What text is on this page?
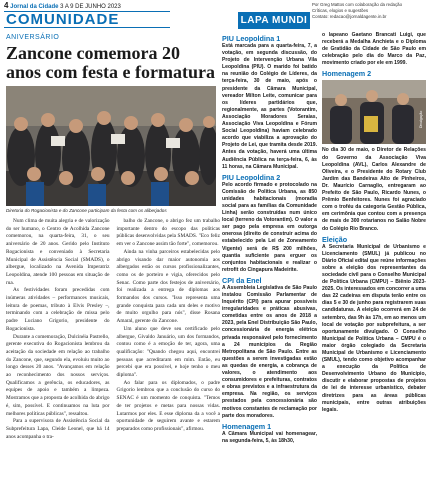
4 Jornal da Cidade 3 A 9 DE JUNHO 2023
COMUNIDADE	LAPA MUNDI
Por Greg Mattos com colaboração da redação
Críticas, elogios e sugestões
Contato: redacao@jornaldagente.in.br
ANIVERSÁRIO
Zancone comemora 20 anos com festa e formatura
Diretoria do Rogacionista e do Zancone participam da festa com os aliberjados

Num clima de muita alegria e de valorização do ser humano, o Centro de Acolhida Zancone comemorou, na quarta-feira, 31, o seu aniversário de 20 anos. Gerido pelo Instituto Rogacionista e conveniado à Secretaria Municipal de Assistência Social (SMADS), o albergue, localizado na Avenida Imperatriz Leopoldina, atende 100 pessoas em situação de rua.

As festividades foram precedidas com inúmeras atividades – performances musicais, leitura de poemas, tributo à Elvis Presley –, terminando com a celebração de missa pelo padre Luciano Grigorio, presidente do Rogacionista.

Durante a comemoração, Dulcinéia Pastrello, gerente executiva do Rogacionista lembrou da aceitação da sociedade em relação ao trabalho do Zancone, que, segundo ela, evoluiu muito ao longo desses 20 anos. "Avançamos em relação ao reconhecimento dos nossos serviços. Qualificamos a gerência, os educadores, as equipes de apoio e também a limpeza. Mostramos que a proposta de acolhida do abrigo é, sim, possível. E continuamos na luta por melhores políticas públicas", ressaltou.

Para a supervisora de Assistência Social da Subprefeitura Lapa, Cleide Leonel, que há 14 anos acompanha o tra-

balho do Zancone, o abrigo fez um trabalho importante dentro do escopo das políticas públicas desenvolvidas pela SMADS. "Eco feliz em ver o Zancone assim tão forte", comemorou.

Ainda na vinha parceiros estabelecidas pelo abrigo visando dar maior autonomia aos albergados estão os cursos profissionalizantes, como os de porteiro e vigia, oferecidos pelo Senac. Como parte dos festejos de aniversário, foi realizada a entrega de diplomas aos formandos dos cursos. "Isso representa uma grande conquista para cada um deles e motivo de muito orgulho para nós", disse Rosana Amaral, gerente do Zancone.

Um aluno que deve seu certificado pelo albergue, Givaldo Januário, um dos formandos, contou como é a emoção de ter, agora, uma qualificação: "Quando chegou aqui, encontrei pessoas que acreditaram em mim. Então, eu percebi que era possível, e hoje tenho o meu diploma".

Ao falar para os diplomados, o padre Grigorio lembrou que a conclusão do curso do SENAC é um momento de conquista. "Temos de ter projetos e metas para nossas vidas. Lutarmos por eles. E esse diploma da a você a oportunidade de seguirem avante e estarem preparados como profissionais", afirmou.

PIU Leopoldina 1

Está marcada para a quarta-feira, 7, a votação, em segunda discussão, do Projeto de Intervenção Urbana Vila Leopoldina (PIU). O marido foi batido na reunião do Colégio de Líderes, da terça-feira, 30 de maio, após o presidente da Câmara Municipal, vereador Milton Leite, comunicar para os líderes partidários que, regionalmente, as partes (Votorantim, Associação Moradores Seraias, Associação Viva Leopoldina e Fórum Social Leopoldina) haviam celebrado acordo que viabiliza a aprovação do Projeto de Lei, que tramita desde 2019. Antes da votação, haverá uma última Audiência Pública na terça-feira, 6, às 11 horas, na Câmara Municipal.

PIU Leopoldina 2

Pelo acordo firmado e protocolado na Comissão de Política Urbana, as 850 unidades habitacionais (moradia social para as famílias da Comunidade Linha) serão construídas num único local (terreno da Votorantim). O valor a ser pago pela empresa em outorga onerosa (direito de construir acima do estabelecido pela Lei de Zoneamento Vigente) será de R$ 200 milhões, quantia suficiente para erguer os conjuntos habitacionais e realizar o retrofit do Cingapura Madeirite.

CPI da Enel

A Assembleia Legislativa de São Paulo instalou Comissão Parlamentar de Inquérito (CPI) para apurar possíveis irregularidades e práticas abusivas, cometidas entre os anos de 2018 a 2023, pela Enel Distribuição São Paulo, concessionária de energia elétrica privada responsável pelo fornecimento a 24 municípios da Região Metropolitana de São Paulo. Entre as questões a serem investigadas estão as quedas de energia, a cobrança de valores, o atendimento aos consumidores e prefeituras, contratos e obras previstos e a infraestrutura da empresa. Na região, os serviços prestados pela concessionária são motivos constantes de reclamação por parte dos moradores.

Homenagem 1

A Câmara Municipal vai homenagear, na segunda-feira, 5, às 18h30,

o lapeano Gaetano Brancati Luigi, que receberá a Medalha Anchieta e o Diploma de Gratidão da Cidade de São Paulo em celebração pelo dia do Marco da Paz, movimento criado por ele em 1999.

Homenagem 2
Divulgação

No dia 30 de maio, o Diretor de Relações do Governo da Associação Viva Leopoldina (AVL), Carlos Alexandre de Oliveira, e o Presidente do Rotary Club Jardim das Bandeiras Alto de Pinheiros, Dr. Maurício Carnaglio, entregaram ao Prefeito de São Paulo, Ricardo Nunes, o Prêmio Benfeitores. Nunes foi agraciado com o troféu da categoria Gestão Pública, em cerimônia que contou com a presença de mais de 300 rotarianos no Salão Nobre do Colégio Rio Branco.

Eleição

A Secretaria Municipal de Urbanismo e Licenciamento (SMUL) já publicou no Diário Oficial edital que reúne informações sobre a eleição dos representantes da sociedade civil para o Conselho Municipal de Política Urbana (CMPU) – Biênio 2023-2025. Os interessados em concorrer a uma das 22 cadeiras em disputa terão entre os dias 5 e 30 de junho para registrarem suas candidaturas. A eleição ocorrerá em 24 de setembro, das 9h às 17h, em ao menos um local de votação por subprefeitura, a ser oportunamente divulgado. O Conselho Municipal de Política Urbana – CMPU é o maior órgão colegiado da Secretaria Municipal de Urbanismo e Licenciamento (SMUL), tendo como objetivo acompanhar a execução da Política de Desenvolvimento Urbano do Município, discutir e elaborar propostas de projetos de lei de interesse urbanístico, debater diretrizes para as áreas públicas municipais, entre outras atribuições legais.
